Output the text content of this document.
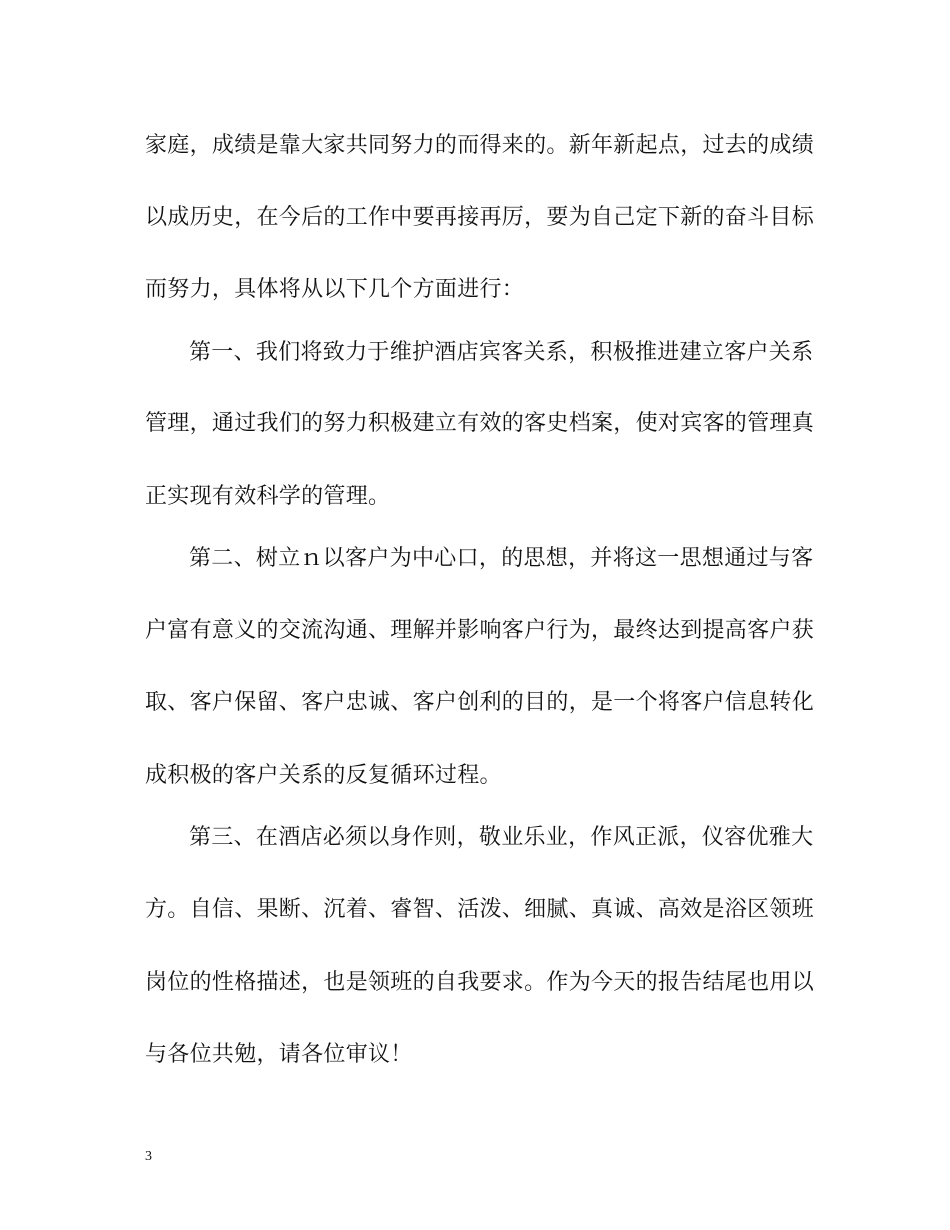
家庭，成绩是靠大家共同努力的而得来的。新年新起点，过去的成绩
以成历史，在今后的工作中要再接再厉，要为自己定下新的奋斗目标
而努力，具体将从以下几个方面进行：
第一、我们将致力于维护酒店宾客关系，积极推进建立客户关系
管理，通过我们的努力积极建立有效的客史档案，使对宾客的管理真
正实现有效科学的管理。
第二、树立ｎ以客户为中心口，的思想，并将这一思想通过与客
户富有意义的交流沟通、理解并影响客户行为，最终达到提高客户获
取、客户保留、客户忠诚、客户创利的目的，是一个将客户信息转化
成积极的客户关系的反复循环过程。
第三、在酒店必须以身作则，敬业乐业，作风正派，仪容优雅大
方。自信、果断、沉着、睿智、活泼、细腻、真诚、高效是浴区领班
岗位的性格描述，也是领班的自我要求。作为今天的报告结尾也用以
与各位共勉，请各位审议！
3
